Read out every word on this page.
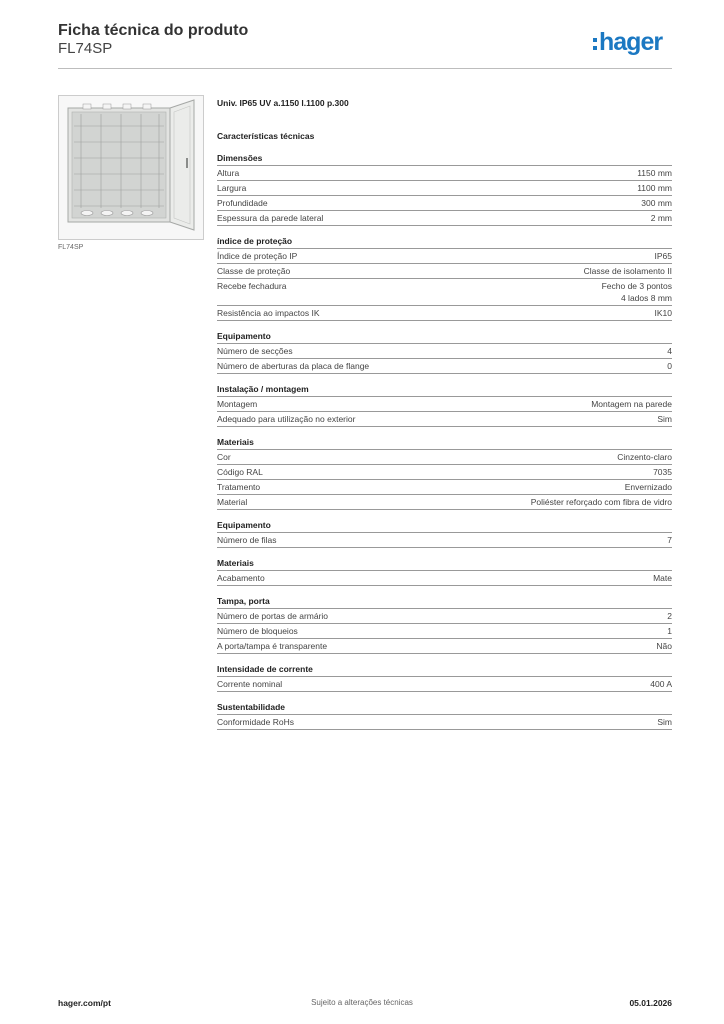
Ficha técnica do produto
FL74SP	hager
FL74SP
Univ. IP65 UV a.1150 l.1100 p.300
Características técnicas
Dimensões
Altura	1150 mm
Largura	1100 mm
Profundidade	300 mm
Espessura da parede lateral	2 mm
índice de proteção
Índice de proteção IP	IP65
Classe de proteção	Classe de isolamento II
Recebe fechadura	Fecho de 3 pontos
4 lados 8 mm
Resistência ao impactos IK	IK10
Equipamento
Número de secções	4
Número de aberturas da placa de flange	0
Instalação / montagem
Montagem	Montagem na parede
Adequado para utilização no exterior	Sim
Materiais
Cor	Cinzento-claro
Código RAL	7035
Tratamento	Envernizado
Material	Poliéster reforçado com fibra de vidro
Equipamento
Número de filas	7
Materiais
Acabamento	Mate
Tampa, porta
Número de portas de armário	2
Número de bloqueios	1
A porta/tampa é transparente	Não
Intensidade de corrente
Corrente nominal	400 A
Sustentabilidade
Conformidade RoHs	Sim
hager.com/pt	Sujeito a alterações técnicas	05.01.2026
